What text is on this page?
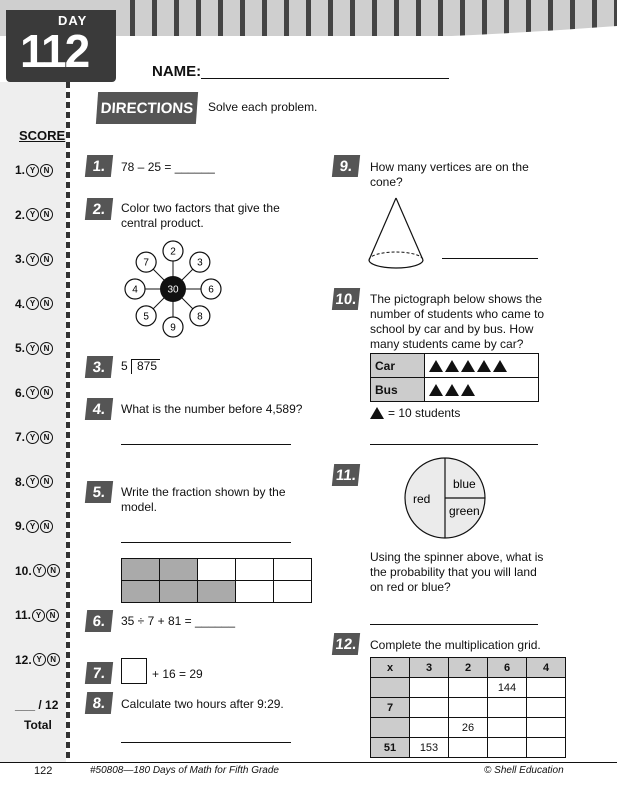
DAY
112	NAME:
DIRECTIONS	Solve each problem.
SCORE
1. Y	N
2. Y	N
3. Y	N
4. Y	N
5. Y	N
6. Y	N
7. Y	N
8. Y	N
9. Y	N
10. Y	N
11. Y	N
12. Y	N
___ / 12
Total
1.	78 – 25 = ______
2.	Color two factors that give the
central product.
2
3
6
8
9
5
4
7
30
3.	5 875
4.	What is the number before 4,589?
5.	Write the fraction shown by the
model.

6.	35 ÷ 7 + 81 = ______
7.	+ 16 = 29
8.	Calculate two hours after 9:29.
9.	How many vertices are on the
cone?
10. The pictograph below shows the
number of students who came to
school by car and by bus. How
many students came by car?
Car	
Bus	
= 10 students
11.
red
blue
green
Using the spinner above, what is
the probability that you will land
on red or blue?
12. Complete the multiplication grid.
x	3	2	6	4
			144	
7				
		26		
51	153			
122	#50808—180 Days of Math for Fifth Grade	© Shell Education
